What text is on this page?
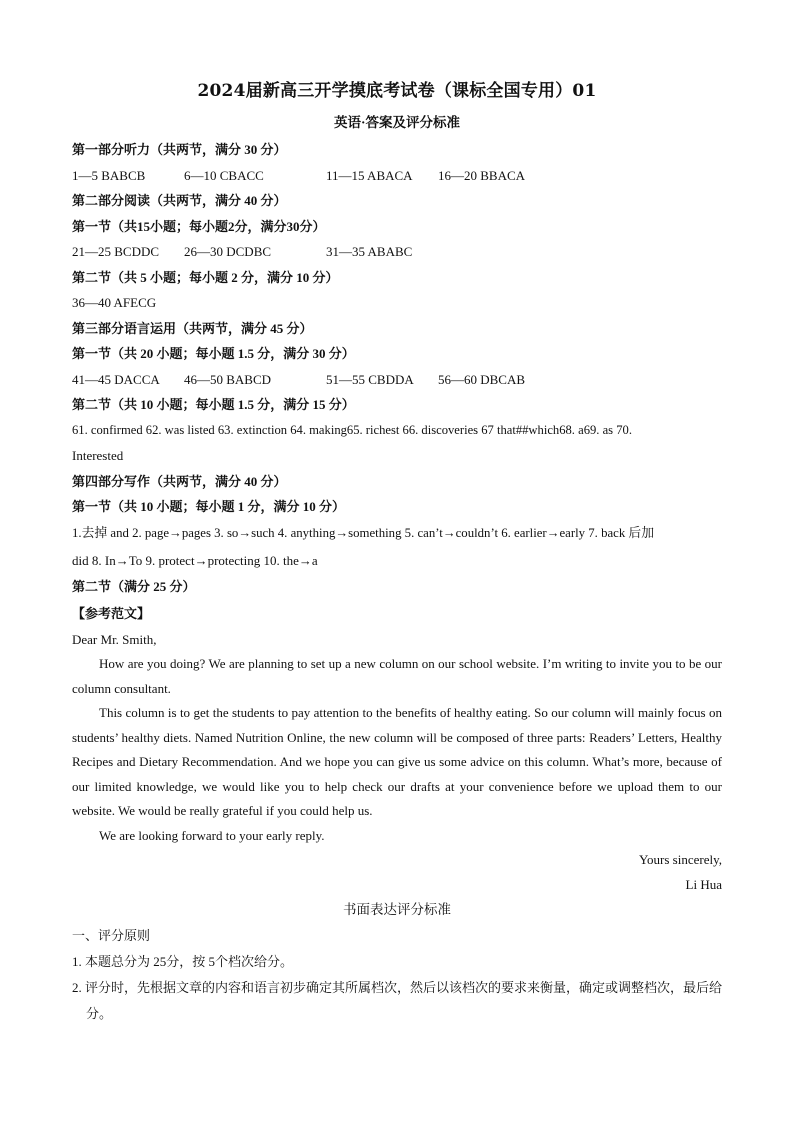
2024届新高三开学摸底考试卷（课标全国专用）01
英语·答案及评分标准
第一部分听力（共两节，满分 30 分）
1—5 BABCB	6—10 CBACC	11—15 ABACA	16—20 BBACA
第二部分阅读（共两节，满分 40 分）
第一节（共15小题；每小题2分，满分30分）
21—25 BCDDC	26—30 DCDBC	31—35 ABABC
第二节（共 5 小题；每小题 2 分，满分 10 分）
36—40 AFECG
第三部分语言运用（共两节，满分 45 分）
第一节（共 20 小题；每小题 1.5 分，满分 30 分）
41—45 DACCA	46—50 BABCD	51—55 CBDDA	56—60 DBCAB
第二节（共 10 小题；每小题 1.5 分，满分 15 分）
61. confirmed 62. was listed 63. extinction 64. making65. richest 66. discoveries 67 that##which68. a69. as 70.
Interested
第四部分写作（共两节，满分 40 分）
第一节（共 10 小题；每小题 1 分，满分 10 分）
1.去掉 and 2. page→pages 3. so→such 4. anything→something 5. can’t→couldn’t 6. earlier→early 7. back 后加
did 8. In→To 9. protect→protecting 10. the→a
第二节（满分 25 分）
【参考范文】
Dear Mr. Smith,

How are you doing? We are planning to set up a new column on our school website. I’m writing to invite you to be our column consultant.

This column is to get the students to pay attention to the benefits of healthy eating. So our column will mainly focus on students’ healthy diets. Named Nutrition Online, the new column will be composed of three parts: Readers’ Letters, Healthy Recipes and Dietary Recommendation. And we hope you can give us some advice on this column. What’s more, because of our limited knowledge, we would like you to help check our drafts at your convenience before we upload them to our website. We would be really grateful if you could help us.

We are looking forward to your early reply.

Yours sincerely,
Li Hua
书面表达评分标准
一、评分原则
1. 本题总分为 25分，按 5个档次给分。
2. 评分时，先根据文章的内容和语言初步确定其所属档次，然后以该档次的要求来衡量，确定或调整档次，最后给分。
